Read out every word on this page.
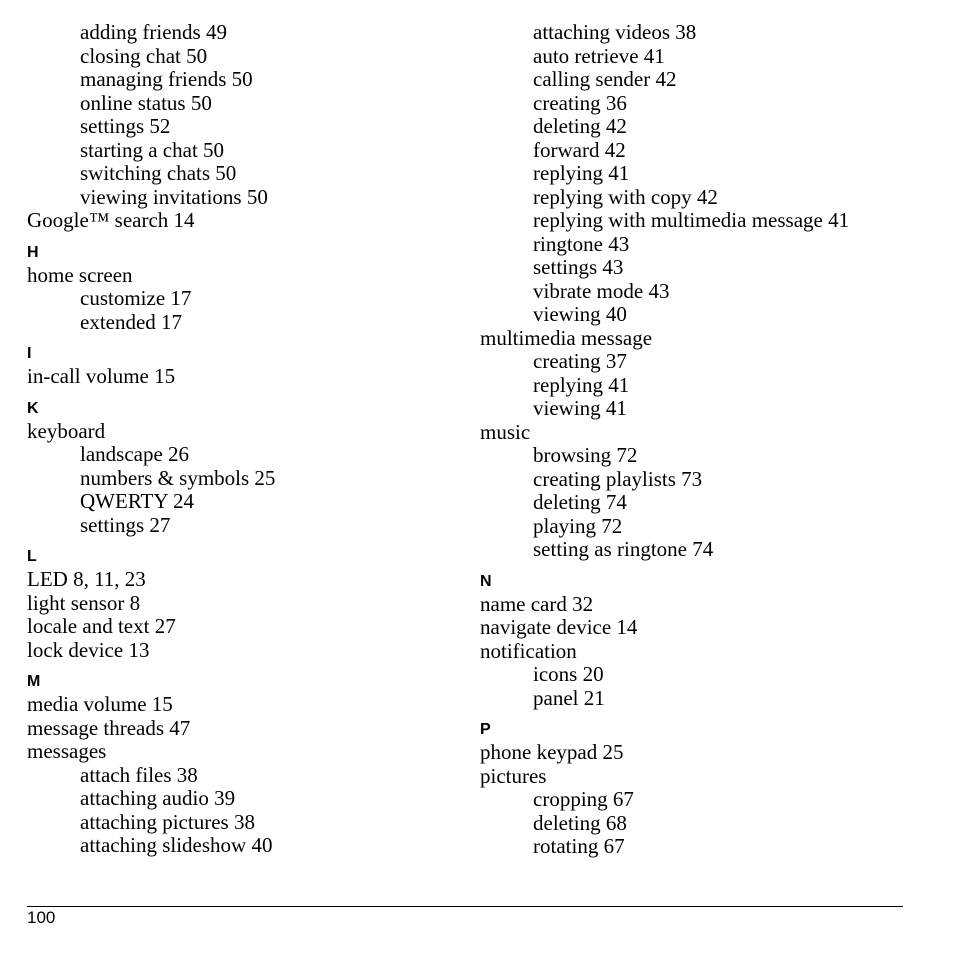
adding friends 49
closing chat 50
managing friends 50
online status 50
settings 52
starting a chat 50
switching chats 50
viewing invitations 50
Google™ search 14
H
home screen
customize 17
extended 17
I
in-call volume 15
K
keyboard
landscape 26
numbers & symbols 25
QWERTY 24
settings 27
L
LED 8, 11, 23
light sensor 8
locale and text 27
lock device 13
M
media volume 15
message threads 47
messages
attach files 38
attaching audio 39
attaching pictures 38
attaching slideshow 40
attaching videos 38
auto retrieve 41
calling sender 42
creating 36
deleting 42
forward 42
replying 41
replying with copy 42
replying with multimedia message 41
ringtone 43
settings 43
vibrate mode 43
viewing 40
multimedia message
creating 37
replying 41
viewing 41
music
browsing 72
creating playlists 73
deleting 74
playing 72
setting as ringtone 74
N
name card 32
navigate device 14
notification
icons 20
panel 21
P
phone keypad 25
pictures
cropping 67
deleting 68
rotating 67
100
